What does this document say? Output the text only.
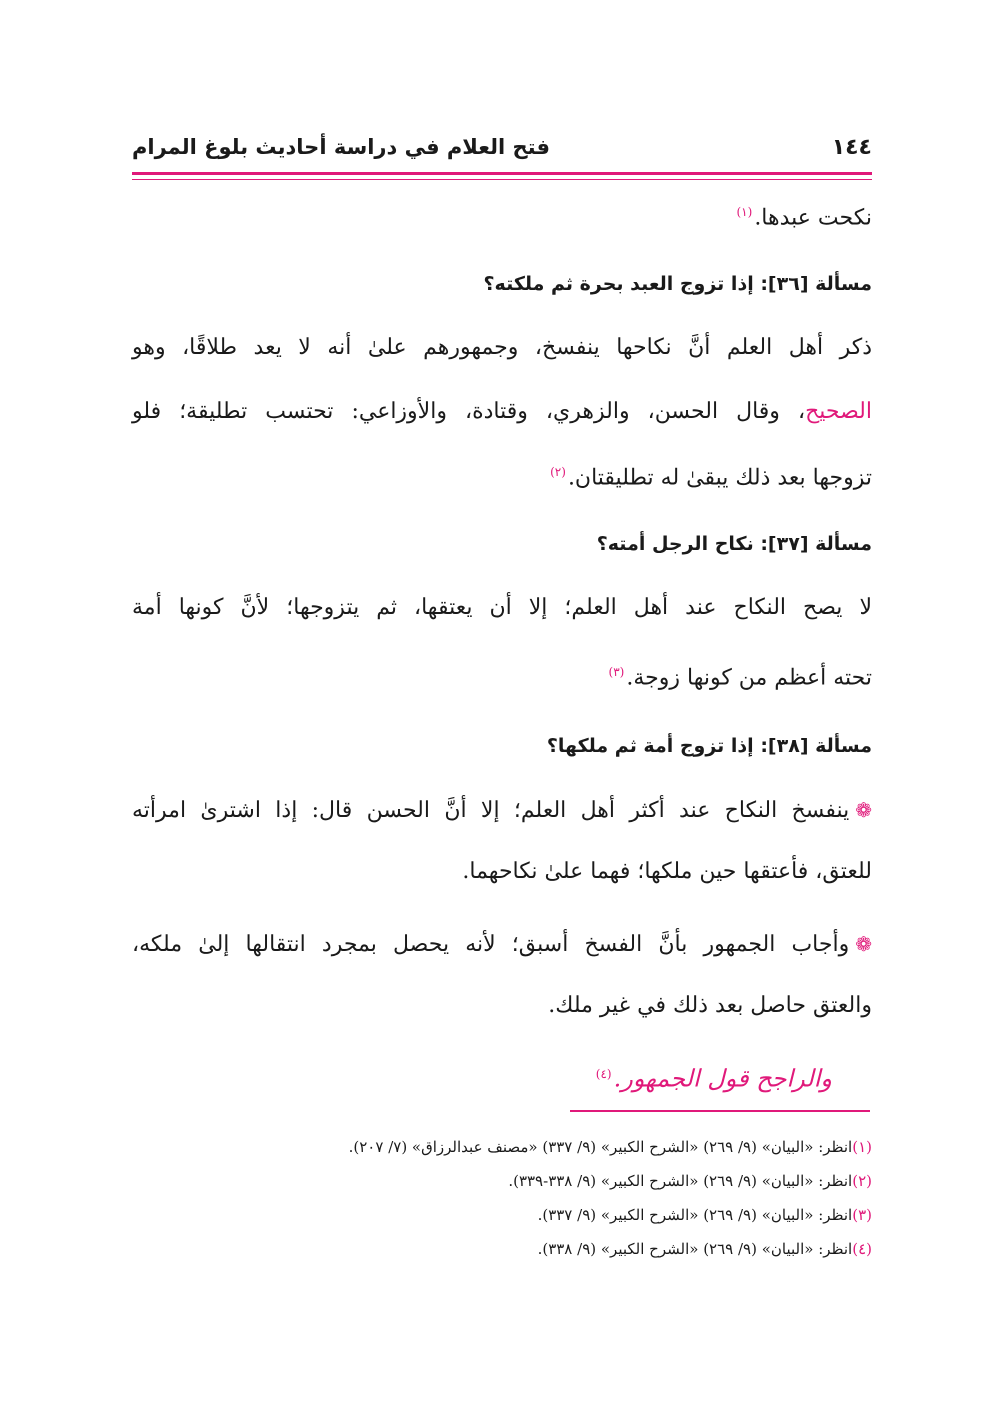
فتح العلام في دراسة أحاديث بلوغ المرام	١٤٤
نكحت عبدها.$^{(١)}$
مسألة [٣٦]: إذا تزوج العبد بحرة ثم ملكته؟
ذكر أهل العلم أنَّ نكاحها ينفسخ، وجمهورهم علىٰ أنه لا يعد طلاقًا، وهو
الصحيح، وقال الحسن، والزهري، وقتادة، والأوزاعي: تحتسب تطليقة؛ فلو
تزوجها بعد ذلك يبقىٰ له تطليقتان.$^{(٢)}$
مسألة [٣٧]: نكاح الرجل أمته؟
لا يصح النكاح عند أهل العلم؛ إلا أن يعتقها، ثم يتزوجها؛ لأنَّ كونها أمة
تحته أعظم من كونها زوجة.$^{(٣)}$
مسألة [٣٨]: إذا تزوج أمة ثم ملكها؟
❁ينفسخ النكاح عند أكثر أهل العلم؛ إلا أنَّ الحسن قال: إذا اشترىٰ امرأته
للعتق، فأعتقها حين ملكها؛ فهما علىٰ نكاحهما.
❁وأجاب الجمهور بأنَّ الفسخ أسبق؛ لأنه يحصل بمجرد انتقالها إلىٰ ملكه،
والعتق حاصل بعد ذلك في غير ملك.
والراجح قول الجمهور.$^{(٤)}$
(١)انظر: «البيان» (٩/ ٢٦٩) «الشرح الكبير» (٩/ ٣٣٧) «مصنف عبدالرزاق» (٧/ ٢٠٧).
(٢)انظر: «البيان» (٩/ ٢٦٩) «الشرح الكبير» (٩/ ٣٣٨-٣٣٩).
(٣)انظر: «البيان» (٩/ ٢٦٩) «الشرح الكبير» (٩/ ٣٣٧).
(٤)انظر: «البيان» (٩/ ٢٦٩) «الشرح الكبير» (٩/ ٣٣٨).
